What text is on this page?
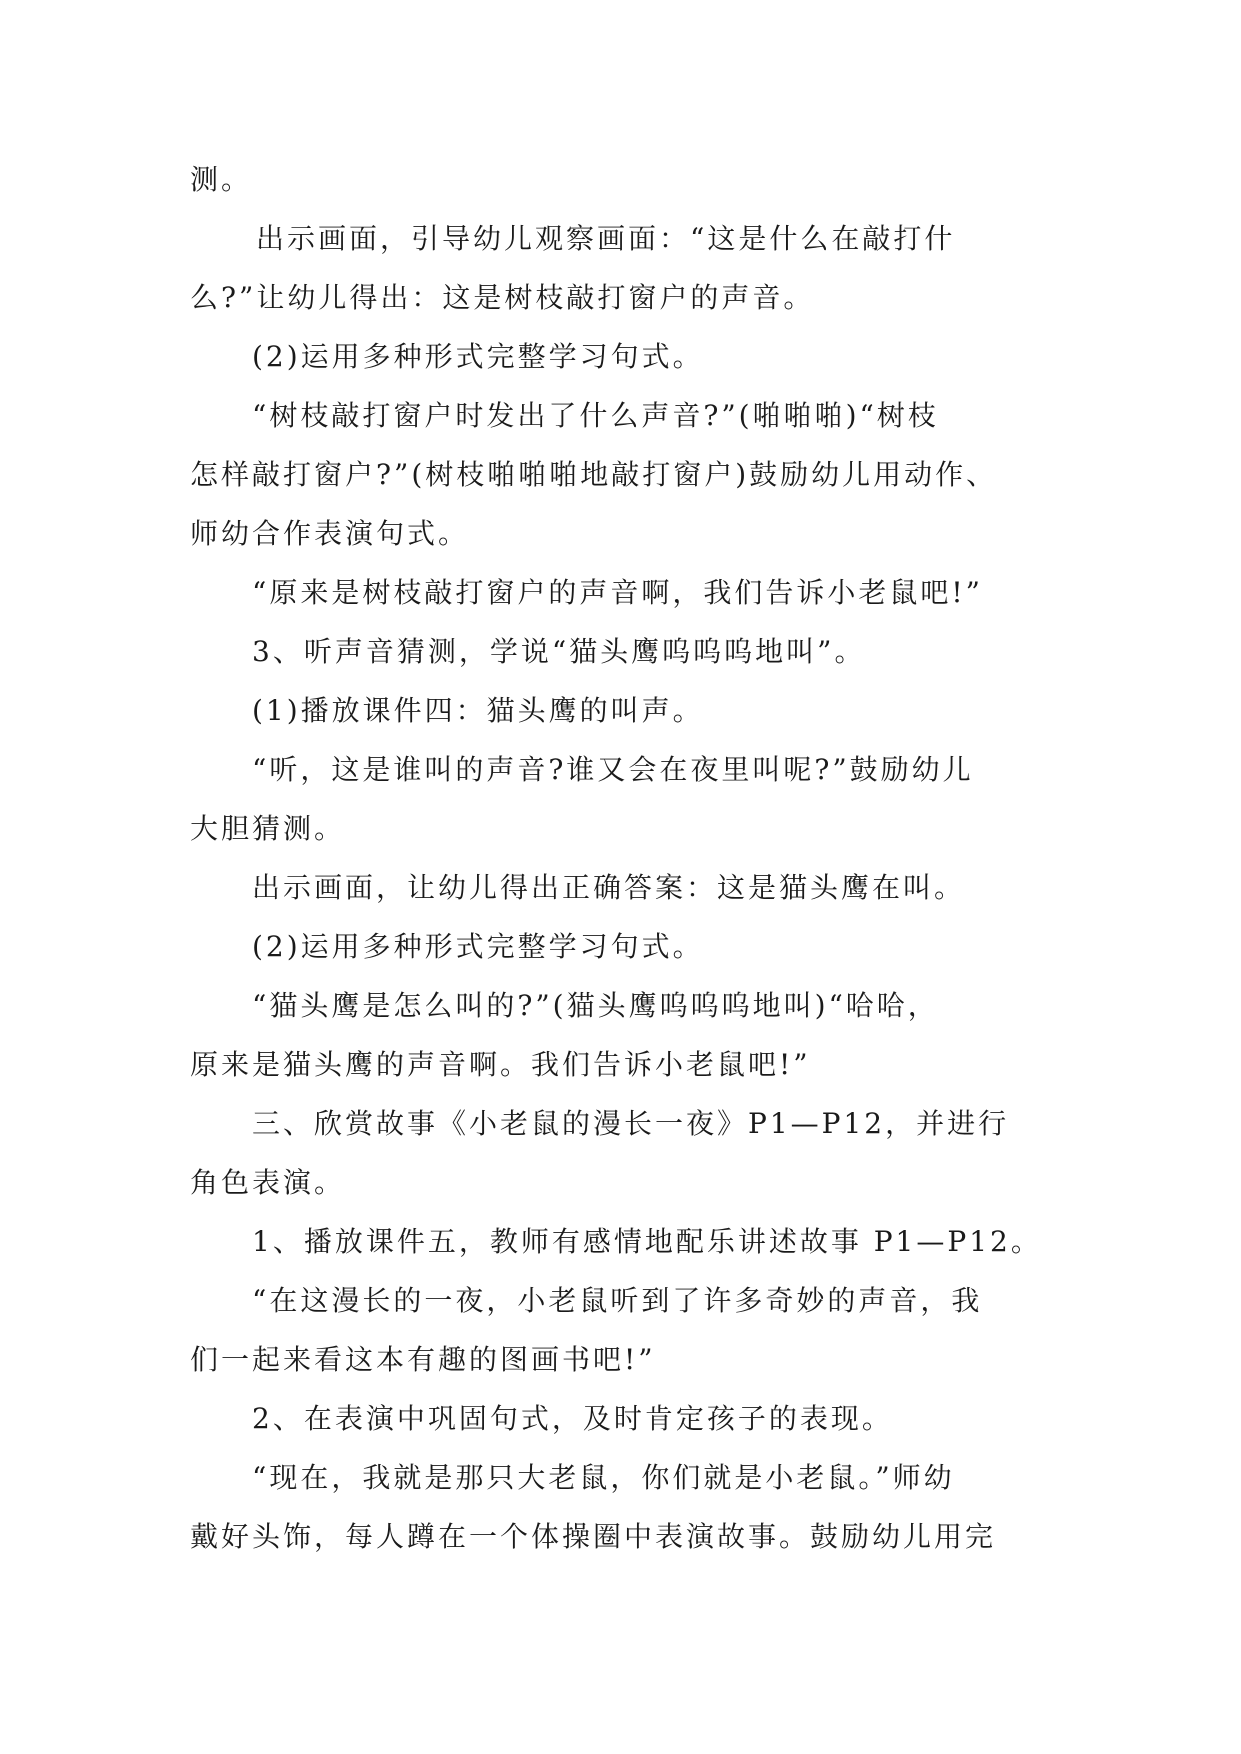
测。
出示画面，引导幼儿观察画面：“这是什么在敲打什
么?”让幼儿得出：这是树枝敲打窗户的声音。
(2)运用多种形式完整学习句式。
“树枝敲打窗户时发出了什么声音?”(啪啪啪)“树枝
怎样敲打窗户?”(树枝啪啪啪地敲打窗户)鼓励幼儿用动作、
师幼合作表演句式。
“原来是树枝敲打窗户的声音啊，我们告诉小老鼠吧!”
3、听声音猜测，学说“猫头鹰呜呜呜地叫”。
(1)播放课件四：猫头鹰的叫声。
“听，这是谁叫的声音?谁又会在夜里叫呢?”鼓励幼儿
大胆猜测。
出示画面，让幼儿得出正确答案：这是猫头鹰在叫。
(2)运用多种形式完整学习句式。
“猫头鹰是怎么叫的?”(猫头鹰呜呜呜地叫)“哈哈，
原来是猫头鹰的声音啊。我们告诉小老鼠吧!”
三、欣赏故事《小老鼠的漫长一夜》P1—P12，并进行
角色表演。
1、播放课件五，教师有感情地配乐讲述故事 P1—P12。
“在这漫长的一夜，小老鼠听到了许多奇妙的声音，我
们一起来看这本有趣的图画书吧!”
2、在表演中巩固句式，及时肯定孩子的表现。
“现在，我就是那只大老鼠，你们就是小老鼠。”师幼
戴好头饰，每人蹲在一个体操圈中表演故事。鼓励幼儿用完
